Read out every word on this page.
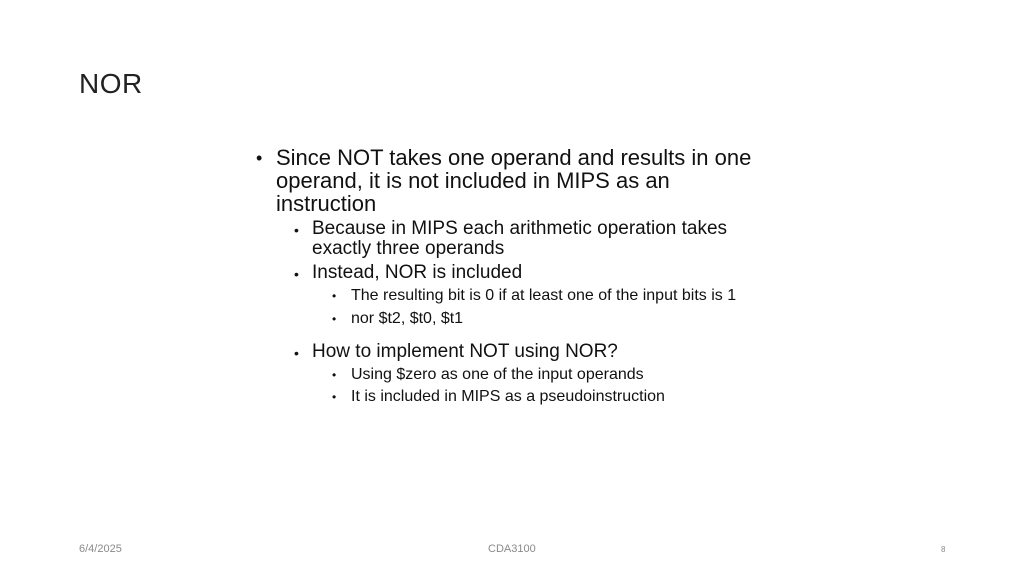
NOR

• Since NOT takes one operand and results in one operand, it is not included in MIPS as an instruction

• Because in MIPS each arithmetic operation takes exactly three operands

• Instead, NOR is included

• The resulting bit is 0 if at least one of the input bits is 1

• nor $t2, $t0, $t1

• How to implement NOT using NOR?

• Using $zero as one of the input operands

• It is included in MIPS as a pseudoinstruction

6/4/2025	CDA3100	8
